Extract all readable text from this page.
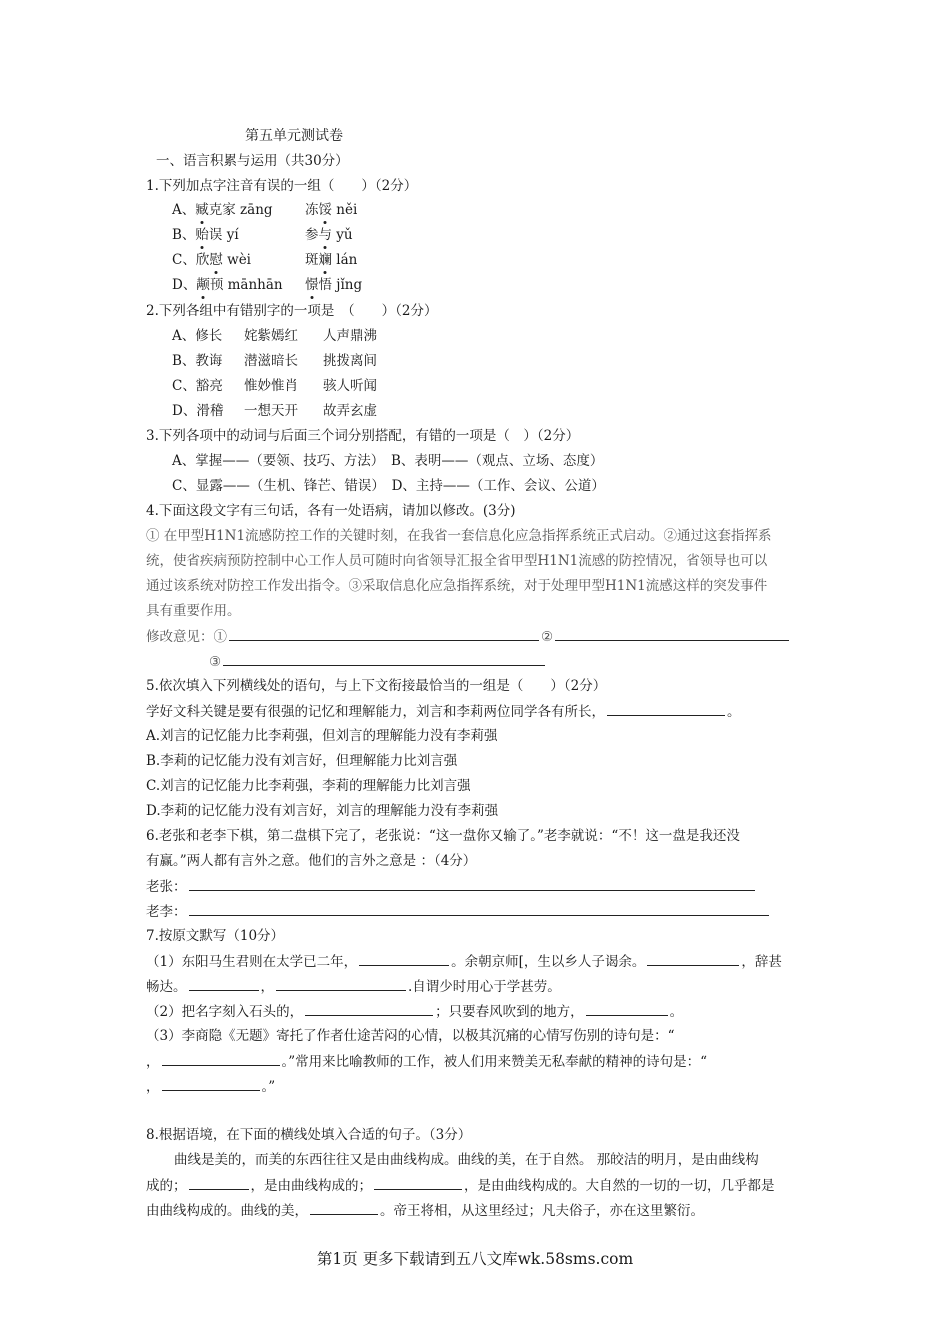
第五单元测试卷
一、语言积累与运用（共30分）
1.下列加点字注音有误的一组（　　）（2分）
A、臧克家 zāng 冻馁 něi
B、贻误 yí	参与 yǔ
C、欣慰 wèi	斑斓 lán
D、颟顸 mānhān 憬悟 jǐng
2.下列各组中有错别字的一项是　（　　）（2分）
A、修长 姹紫嫣红 人声鼎沸
B、教诲 潜滋暗长 挑拨离间
C、豁亮 惟妙惟肖 骇人听闻
D、滑稽 一想天开 故弄玄虚
3.下列各项中的动词与后面三个词分别搭配，有错的一项是（　）（2分）
A、掌握——（要领、技巧、方法）　B、表明——（观点、立场、态度）
C、显露——（生机、锋芒、错误）　D、主持——（工作、会议、公道）
4.下面这段文字有三句话，各有一处语病，请加以修改。(3分)
① 在甲型H1N1流感防控工作的关键时刻，在我省一套信息化应急指挥系统正式启动。②通过这套指挥系
统，使省疾病预防控制中心工作人员可随时向省领导汇报全省甲型H1N1流感的防控情况，省领导也可以
通过该系统对防控工作发出指令。③采取信息化应急指挥系统，对于处理甲型H1N1流感这样的突发事件
具有重要作用。
修改意见：①	②
③
5.依次填入下列横线处的语句，与上下文衔接最恰当的一组是（　　）（2分）
学好文科关键是要有很强的记忆和理解能力，刘言和李莉两位同学各有所长，	。
A.刘言的记忆能力比李莉强，但刘言的理解能力没有李莉强
B.李莉的记忆能力没有刘言好，但理解能力比刘言强
C.刘言的记忆能力比李莉强，李莉的理解能力比刘言强
D.李莉的记忆能力没有刘言好，刘言的理解能力没有李莉强
6.老张和老李下棋，第二盘棋下完了，老张说：“这一盘你又输了。”老李就说：“不！这一盘是我还没
有赢。”两人都有言外之意。他们的言外之意是 ：（4分）
老张：
老李：
7.按原文默写（10分）
（1）东阳马生君则在太学已二年，	。余朝京师[，生以乡人子谒余。	，辞甚
畅达。	，	.自谓少时用心于学甚劳。
（2）把名字刻入石头的，	；只要春风吹到的地方，	。
（3）李商隐《无题》寄托了作者仕途苦闷的心情，以极其沉痛的心情写伤别的诗句是：“
，	。”常用来比喻教师的工作，被人们用来赞美无私奉献的精神的诗句是：“
，	。”
8.根据语境，在下面的横线处填入合适的句子。（3分）
曲线是美的，而美的东西往往又是由曲线构成。曲线的美，在于自然。 那皎洁的明月，是由曲线构
成的；	，是由曲线构成的；	，是由曲线构成的。大自然的一切的一切，几乎都是
由曲线构成的。曲线的美，	。帝王将相，从这里经过；凡夫俗子，亦在这里繁衍。
第1页 更多下载请到五八文库wk.58sms.com
